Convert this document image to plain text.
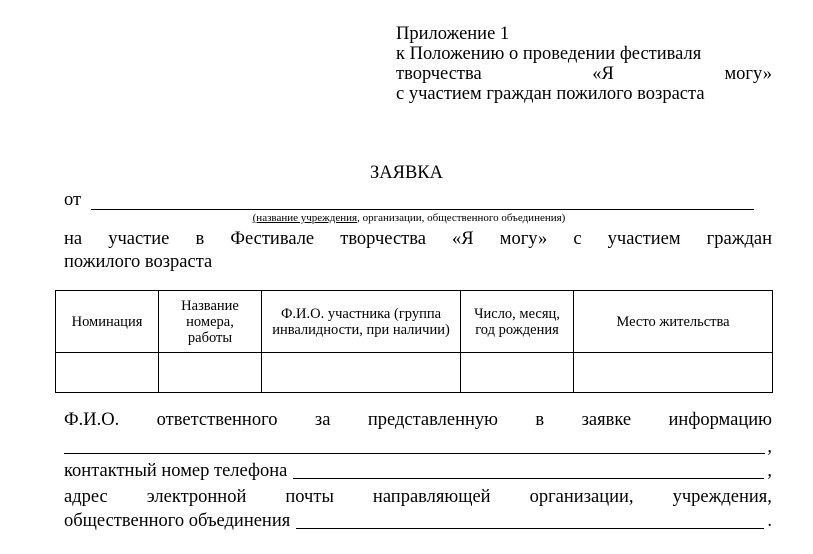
Приложение 1
к Положению о проведении фестиваля
творчества	«Я	могу»
с участием граждан пожилого возраста
ЗАЯВКА
от
(название учреждения, организации, общественного объединения)
на участие в Фестивале творчества «Я могу» с участием граждан
пожилого возраста
Номинация	Название номера, работы	Ф.И.О. участника (группа инвалидности, при наличии)	Число, месяц, год рождения	Место жительства

Ф.И.О. ответственного за представленную в заявке информацию
,
контактный номер телефона	,
адрес электронной почты направляющей организации, учреждения,
общественного объединения	.
